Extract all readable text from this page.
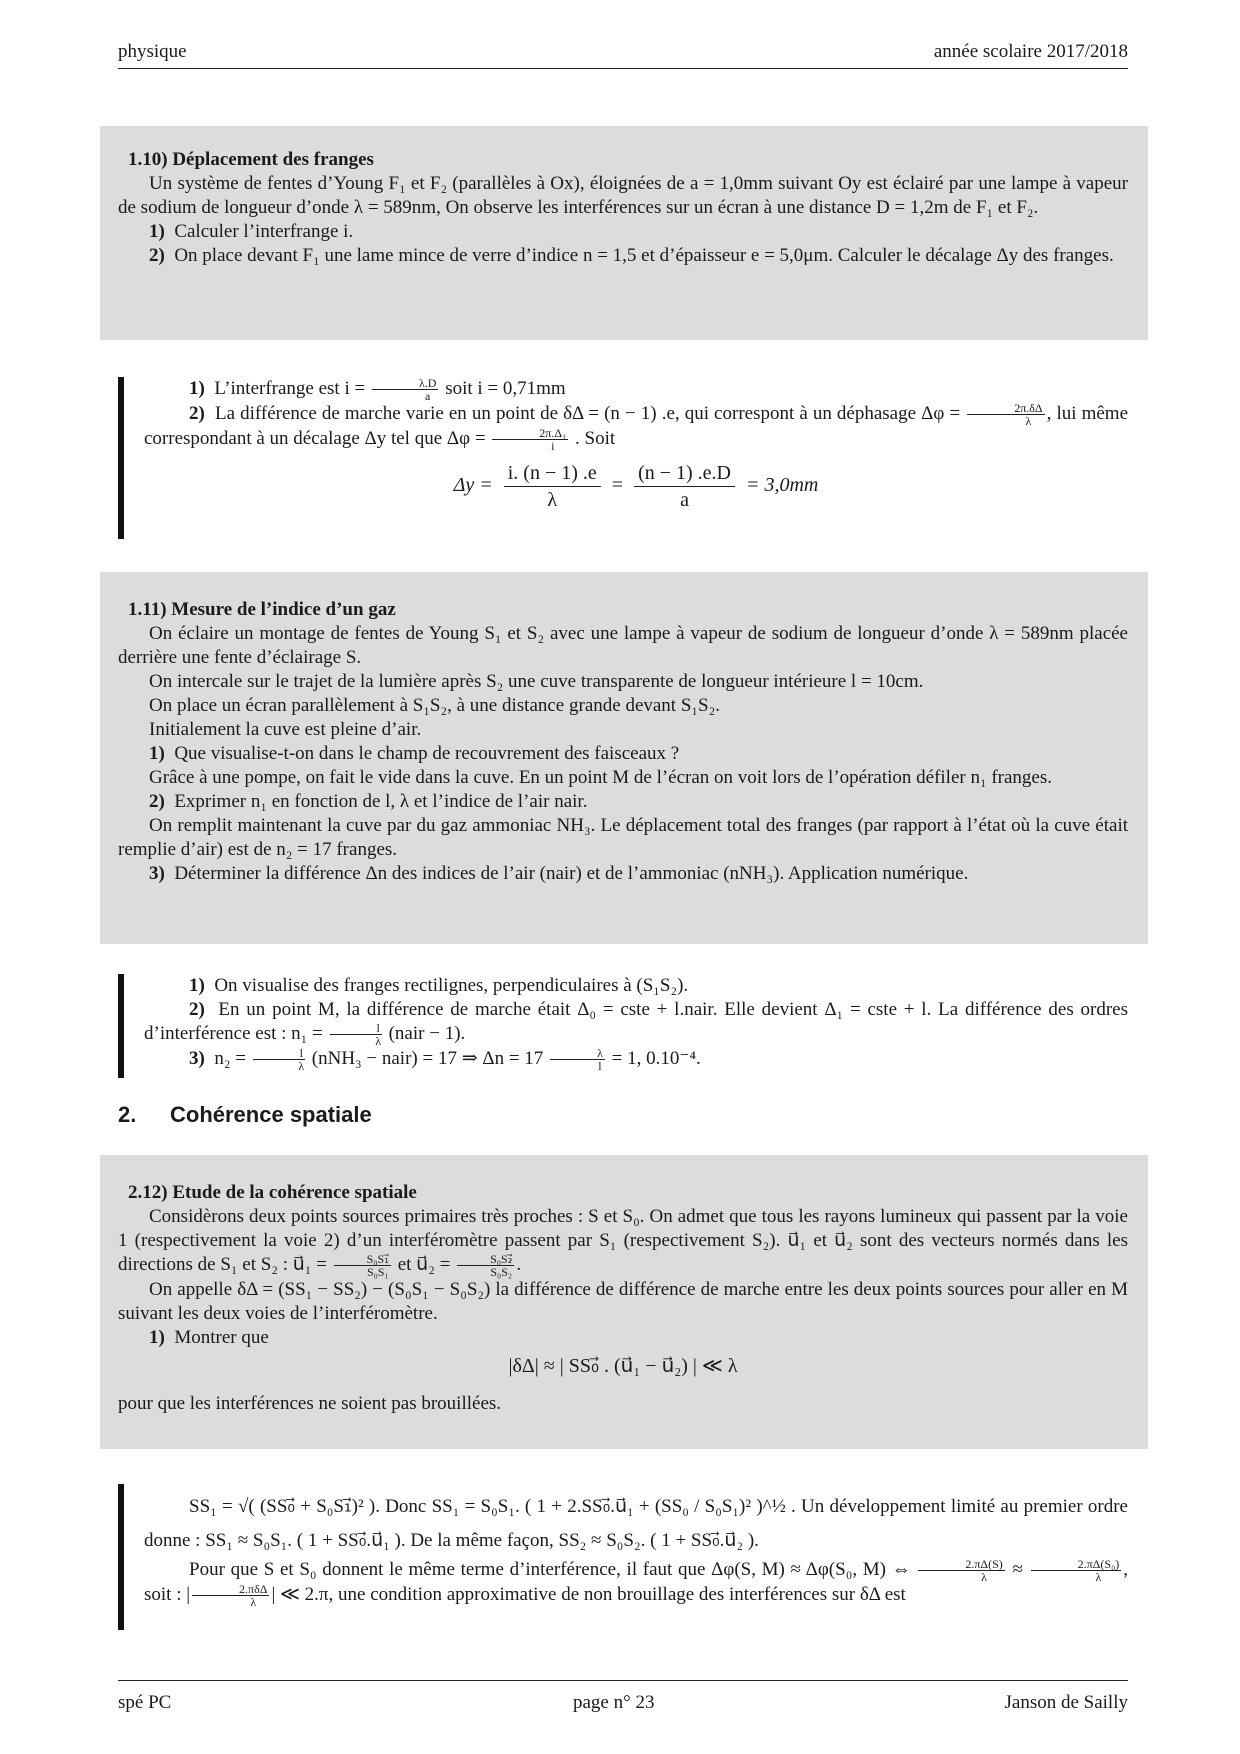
physique	année scolaire 2017/2018
1.10) Déplacement des franges

Un système de fentes d’Young F₁ et F₂ (parallèles à Ox), éloignées de a = 1,0mm suivant Oy est éclairé par une lampe à vapeur de sodium de longueur d’onde λ = 589nm, On observe les interférences sur un écran à une distance D = 1,2m de F₁ et F₂.

1) Calculer l’interfrange i.

2) On place devant F₁ une lame mince de verre d’indice n = 1,5 et d’épaisseur e = 5,0μm. Calculer le décalage Δy des franges.

1) L’interfrange est $i = \frac{\lambda.D}{a}$ soit i = 0,71mm

2) La différence de marche varie en un point de δΔ = (n − 1) .e, qui correspont à un déphasage $\Delta\varphi = \frac{2\pi.\delta\Delta}{\lambda}$ , lui même correspondant à un décalage Δy tel que $\Delta\varphi = \frac{\text{2π.Δ₁}}{i}$ . Soit

$\Delta y = \frac{i. (n - 1) .e}{\lambda} = \frac{(n - 1) .e.D}{a} = 3,0mm$
1.11) Mesure de l’indice d’un gaz

On éclaire un montage de fentes de Young S₁ et S₂ avec une lampe à vapeur de sodium de longueur d’onde λ = 589nm placée derrière une fente d’éclairage S.

On intercale sur le trajet de la lumière après S₂ une cuve transparente de longueur intérieure l = 10cm.

On place un écran parallèlement à S₁S₂, à une distance grande devant S₁S₂.

Initialement la cuve est pleine d’air.

1) Que visualise-t-on dans le champ de recouvrement des faisceaux ?

Grâce à une pompe, on fait le vide dans la cuve. En un point M de l’écran on voit lors de l’opération défiler n₁ franges.

2) Exprimer n₁ en fonction de l, λ et l’indice de l’air nair.

On remplit maintenant la cuve par du gaz ammoniac NH₃. Le déplacement total des franges (par rapport à l’état où la cuve était remplie d’air) est de n₂ = 17 franges.

3) Déterminer la différence Δn des indices de l’air (nair) et de l’ammoniac (nNH₃). Application numérique.

1) On visualise des franges rectilignes, perpendiculaires à (S₁S₂).

2) En un point M, la différence de marche était Δ₀ = cste + l.nair. Elle devient Δ₁ = cste + l. La différence des ordres d’interférence est : $n_1 = \frac{l}{\lambda}$ (nair − 1).

3) $n_2 = \frac{l}{\lambda} (nNH_3$ − nair) = 17 ⇒ $\Delta n = 17 \frac{\lambda}{l} = 1$, 0.10⁻⁴.

2. Cohérence spatiale
2.12) Etude de la cohérence spatiale

Considèrons deux points sources primaires très proches : S et S₀. On admet que tous les rayons lumineux qui passent par la voie 1 (respectivement la voie 2) d’un interféromètre passent par S₁ (respectivement S₂). u⃗₁ et u⃗₂ sont des vecteurs normés dans les directions de S₁ et S₂ : u⃗₁ = $\frac{\text{S₀S₁⃗}}{\text{S₀S₁}}$ et u⃗₂ = $\frac{\text{S₀S₂⃗}}{\text{S₀S₂}}$ .

On appelle δΔ = (SS₁ − SS₂) − (S₀S₁ − S₀S₂) la différence de différence de marche entre les deux points sources pour aller en M suivant les deux voies de l’interféromètre.

1) Montrer que

|δΔ| ≈ | SS₀⃗ . (u⃗₁ − u⃗₂) | ≪ λ

pour que les interférences ne soient pas brouillées.

SS₁ = √( (SS₀⃗ + S₀S₁⃗)² ). Donc SS₁ = S₀S₁. ( 1 + 2.SS₀⃗.u⃗₁ + (SS₀ / S₀S₁)² )^½ . Un développement limité au premier ordre donne : SS₁ ≈ S₀S₁. ( 1 + SS₀⃗.u⃗₁ ). De la même façon, SS₂ ≈ S₀S₂. ( 1 + SS₀⃗.u⃗₂ ).

Pour que S et S₀ donnent le même terme d’interférence, il faut que Δφ(S, M) ≈ Δφ(S₀, M) ⇔ $\frac{2.\pi\Delta(S)}{\lambda} \approx \frac{\text{2.πΔ(S₀)}}{\lambda}$ , soit : | $\frac{\text{2.πδΔ}}{\lambda}$ | ≪ 2.π, une condition approximative de non brouillage des interférences sur δΔ est

spé PC	page n° 23	Janson de Sailly
